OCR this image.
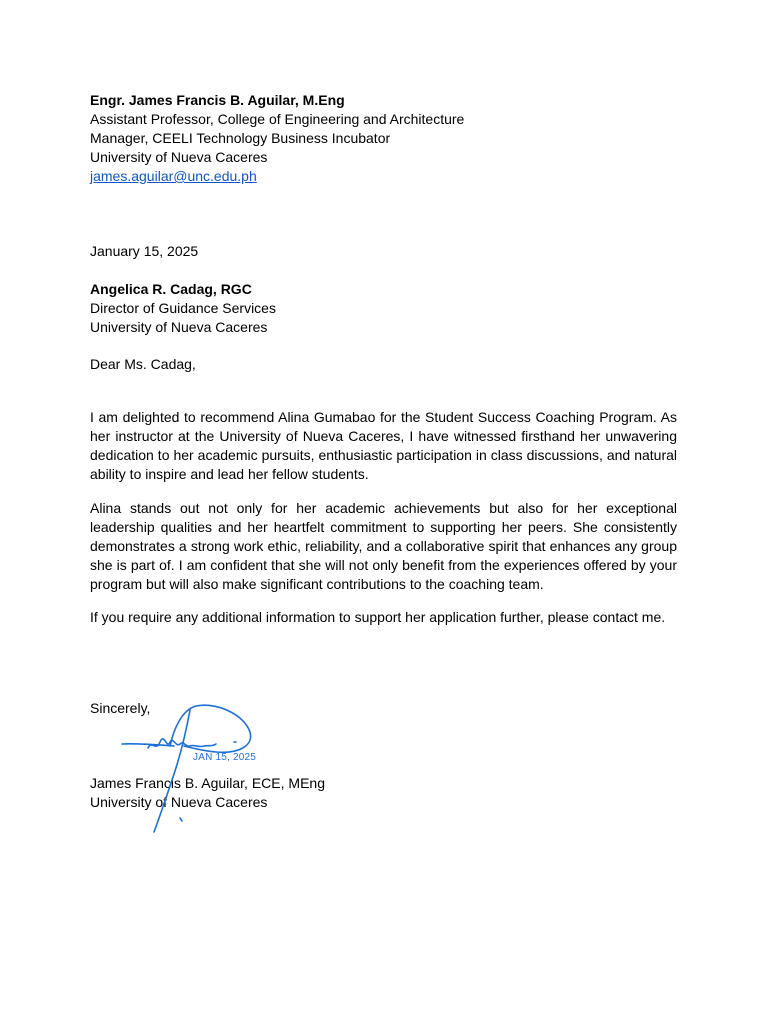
Engr. James Francis B. Aguilar, M.Eng
Assistant Professor, College of Engineering and Architecture
Manager, CEELI Technology Business Incubator
University of Nueva Caceres
james.aguilar@unc.edu.ph
January 15, 2025
Angelica R. Cadag, RGC
Director of Guidance Services
University of Nueva Caceres
Dear Ms. Cadag,
I am delighted to recommend Alina Gumabao for the Student Success Coaching Program. As her instructor at the University of Nueva Caceres, I have witnessed firsthand her unwavering dedication to her academic pursuits, enthusiastic participation in class discussions, and natural ability to inspire and lead her fellow students.
Alina stands out not only for her academic achievements but also for her exceptional leadership qualities and her heartfelt commitment to supporting her peers. She consistently demonstrates a strong work ethic, reliability, and a collaborative spirit that enhances any group she is part of. I am confident that she will not only benefit from the experiences offered by your program but will also make significant contributions to the coaching team.
If you require any additional information to support her application further, please contact me.
Sincerely,
James Francis B. Aguilar, ECE, MEng
University of Nueva Caceres
JAN 15, 2025
